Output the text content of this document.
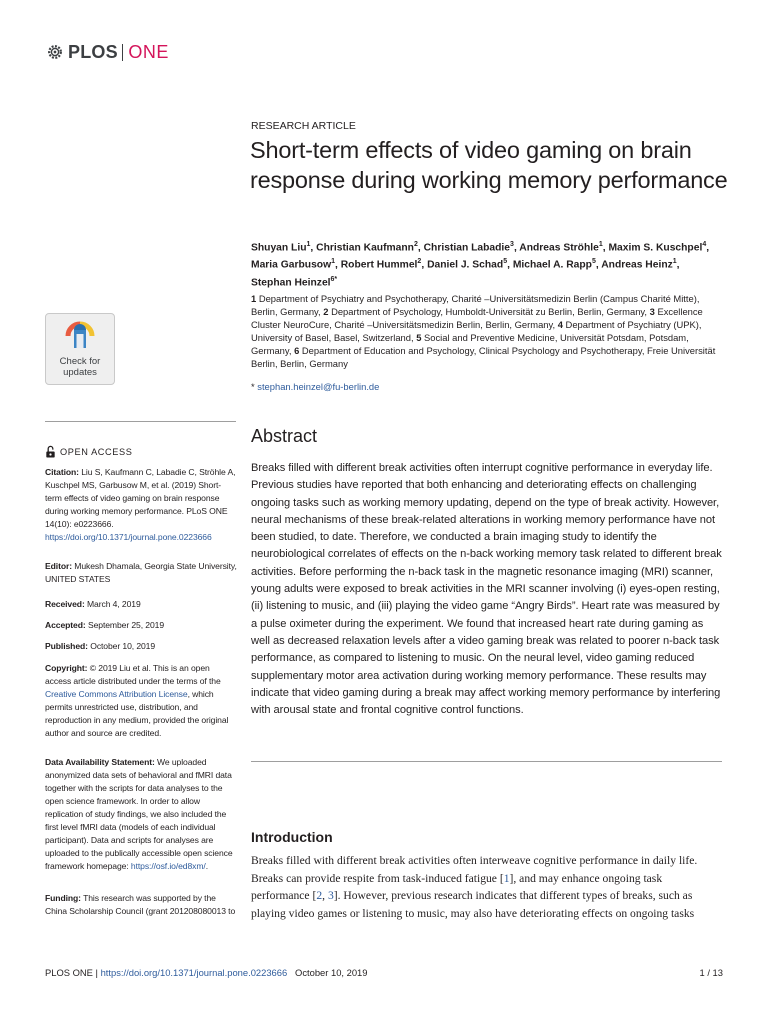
PLOS ONE
Check for
updates
OPEN ACCESS
Citation: Liu S, Kaufmann C, Labadie C, Ströhle A, Kuschpel MS, Garbusow M, et al. (2019) Short-term effects of video gaming on brain response during working memory performance. PLoS ONE 14(10): e0223666. https://doi.org/10.1371/journal.pone.0223666
Editor: Mukesh Dhamala, Georgia State University, UNITED STATES
Received: March 4, 2019
Accepted: September 25, 2019
Published: October 10, 2019
Copyright: © 2019 Liu et al. This is an open access article distributed under the terms of the Creative Commons Attribution License, which permits unrestricted use, distribution, and reproduction in any medium, provided the original author and source are credited.
Data Availability Statement: We uploaded anonymized data sets of behavioral and fMRI data together with the scripts for data analyses to the open science framework. In order to allow replication of study findings, we also included the first level fMRI data (models of each individual participant). Data and scripts for analyses are uploaded to the publically accessible open science framework homepage: https://osf.io/ed8xm/.
Funding: This research was supported by the China Scholarship Council (grant 201208080013 to
RESEARCH ARTICLE
Short-term effects of video gaming on brain response during working memory performance
Shuyan Liu$^1$, Christian Kaufmann$^2$, Christian Labadie$^3$, Andreas Ströhle$^1$, Maxim S. Kuschpel$^4$, Maria Garbusow$^1$, Robert Hummel$^2$, Daniel J. Schad$^5$, Michael A. Rapp$^5$, Andreas Heinz$^1$, Stephan Heinzel$^{6*}$
1 Department of Psychiatry and Psychotherapy, Charité –Universitätsmedizin Berlin (Campus Charité Mitte), Berlin, Germany, 2 Department of Psychology, Humboldt-Universität zu Berlin, Berlin, Germany, 3 Excellence Cluster NeuroCure, Charité –Universitätsmedizin Berlin, Berlin, Germany, 4 Department of Psychiatry (UPK), University of Basel, Basel, Switzerland, 5 Social and Preventive Medicine, Universität Potsdam, Potsdam, Germany, 6 Department of Education and Psychology, Clinical Psychology and Psychotherapy, Freie Universität Berlin, Berlin, Germany
* stephan.heinzel@fu-berlin.de
Abstract

Breaks filled with different break activities often interrupt cognitive performance in everyday life. Previous studies have reported that both enhancing and deteriorating effects on challenging ongoing tasks such as working memory updating, depend on the type of break activity. However, neural mechanisms of these break-related alterations in working memory performance have not been studied, to date. Therefore, we conducted a brain imaging study to identify the neurobiological correlates of effects on the n-back working memory task related to different break activities. Before performing the n-back task in the magnetic resonance imaging (MRI) scanner, young adults were exposed to break activities in the MRI scanner involving (i) eyes-open resting, (ii) listening to music, and (iii) playing the video game “Angry Birds”. Heart rate was measured by a pulse oximeter during the experiment. We found that increased heart rate during gaming as well as decreased relaxation levels after a video gaming break was related to poorer n-back task performance, as compared to listening to music. On the neural level, video gaming reduced supplementary motor area activation during working memory performance. These results may indicate that video gaming during a break may affect working memory performance by interfering with arousal state and frontal cognitive control functions.

Introduction

Breaks filled with different break activities often interweave cognitive performance in daily life. Breaks can provide respite from task-induced fatigue [1], and may enhance ongoing task performance [2, 3]. However, previous research indicates that different types of breaks, such as playing video games or listening to music, may also have deteriorating effects on ongoing tasks

PLOS ONE | https://doi.org/10.1371/journal.pone.0223666 October 10, 2019	1 / 13
